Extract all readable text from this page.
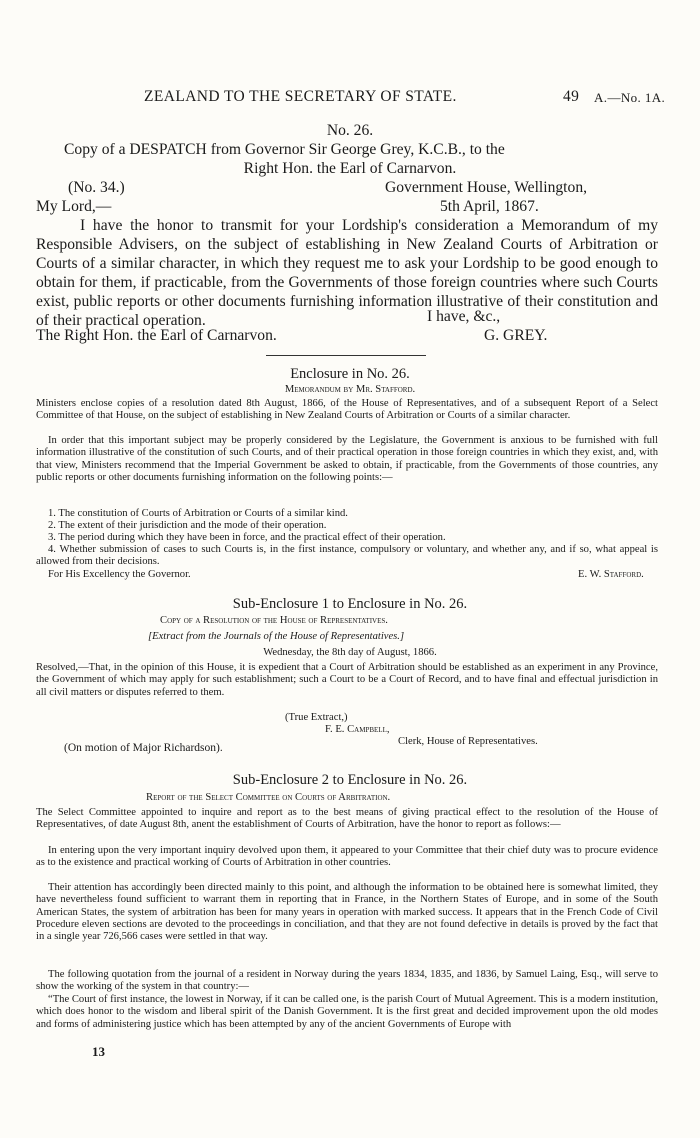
ZEALAND TO THE SECRETARY OF STATE.	49 A.—No. 1A.
No. 26.
Copy of a DESPATCH from Governor Sir George Grey, K.C.B., to the
Right Hon. the Earl of Carnarvon.
(No. 34.)	Government House, Wellington,
My Lord,—	5th April, 1867.
I have the honor to transmit for your Lordship's consideration a Memorandum of my Responsible Advisers, on the subject of establishing in New Zealand Courts of Arbitration or Courts of a similar character, in which they request me to ask your Lordship to be good enough to obtain for them, if practicable, from the Governments of those foreign countries where such Courts exist, public reports or other documents furnishing information illustrative of their constitution and of their practical operation.	I have, &c.,
The Right Hon. the Earl of Carnarvon.	G. GREY.
Enclosure in No. 26.
Memorandum by Mr. Stafford.
Ministers enclose copies of a resolution dated 8th August, 1866, of the House of Representatives, and of a subsequent Report of a Select Committee of that House, on the subject of establishing in New Zealand Courts of Arbitration or Courts of a similar character.
In order that this important subject may be properly considered by the Legislature, the Government is anxious to be furnished with full information illustrative of the constitution of such Courts, and of their practical operation in those foreign countries in which they exist, and, with that view, Ministers recommend that the Imperial Government be asked to obtain, if practicable, from the Governments of those countries, any public reports or other documents furnishing information on the following points:—
1. The constitution of Courts of Arbitration or Courts of a similar kind.
2. The extent of their jurisdiction and the mode of their operation.
3. The period during which they have been in force, and the practical effect of their operation.
4. Whether submission of cases to such Courts is, in the first instance, compulsory or voluntary, and whether any, and if so, what appeal is allowed from their decisions.
For His Excellency the Governor.	E. W. Stafford.
Sub-Enclosure 1 to Enclosure in No. 26.
Copy of a Resolution of the House of Representatives.
[Extract from the Journals of the House of Representatives.]
Wednesday, the 8th day of August, 1866.
Resolved,—That, in the opinion of this House, it is expedient that a Court of Arbitration should be established as an experiment in any Province, the Government of which may apply for such establishment; such a Court to be a Court of Record, and to have final and effectual jurisdiction in all civil matters or disputes referred to them.
(True Extract,)
F. E. Campbell,
Clerk, House of Representatives.
(On motion of Major Richardson).
Sub-Enclosure 2 to Enclosure in No. 26.
Report of the Select Committee on Courts of Arbitration.
The Select Committee appointed to inquire and report as to the best means of giving practical effect to the resolution of the House of Representatives, of date August 8th, anent the establishment of Courts of Arbitration, have the honor to report as follows:—
In entering upon the very important inquiry devolved upon them, it appeared to your Committee that their chief duty was to procure evidence as to the existence and practical working of Courts of Arbitration in other countries.
Their attention has accordingly been directed mainly to this point, and although the information to be obtained here is somewhat limited, they have nevertheless found sufficient to warrant them in reporting that in France, in the Northern States of Europe, and in some of the South American States, the system of arbitration has been for many years in operation with marked success. It appears that in the French Code of Civil Procedure eleven sections are devoted to the proceedings in conciliation, and that they are not found defective in details is proved by the fact that in a single year 726,566 cases were settled in that way.
The following quotation from the journal of a resident in Norway during the years 1834, 1835, and 1836, by Samuel Laing, Esq., will serve to show the working of the system in that country:—
“The Court of first instance, the lowest in Norway, if it can be called one, is the parish Court of Mutual Agreement. This is a modern institution, which does honor to the wisdom and liberal spirit of the Danish Government. It is the first great and decided improvement upon the old modes and forms of administering justice which has been attempted by any of the ancient Governments of Europe with
13
